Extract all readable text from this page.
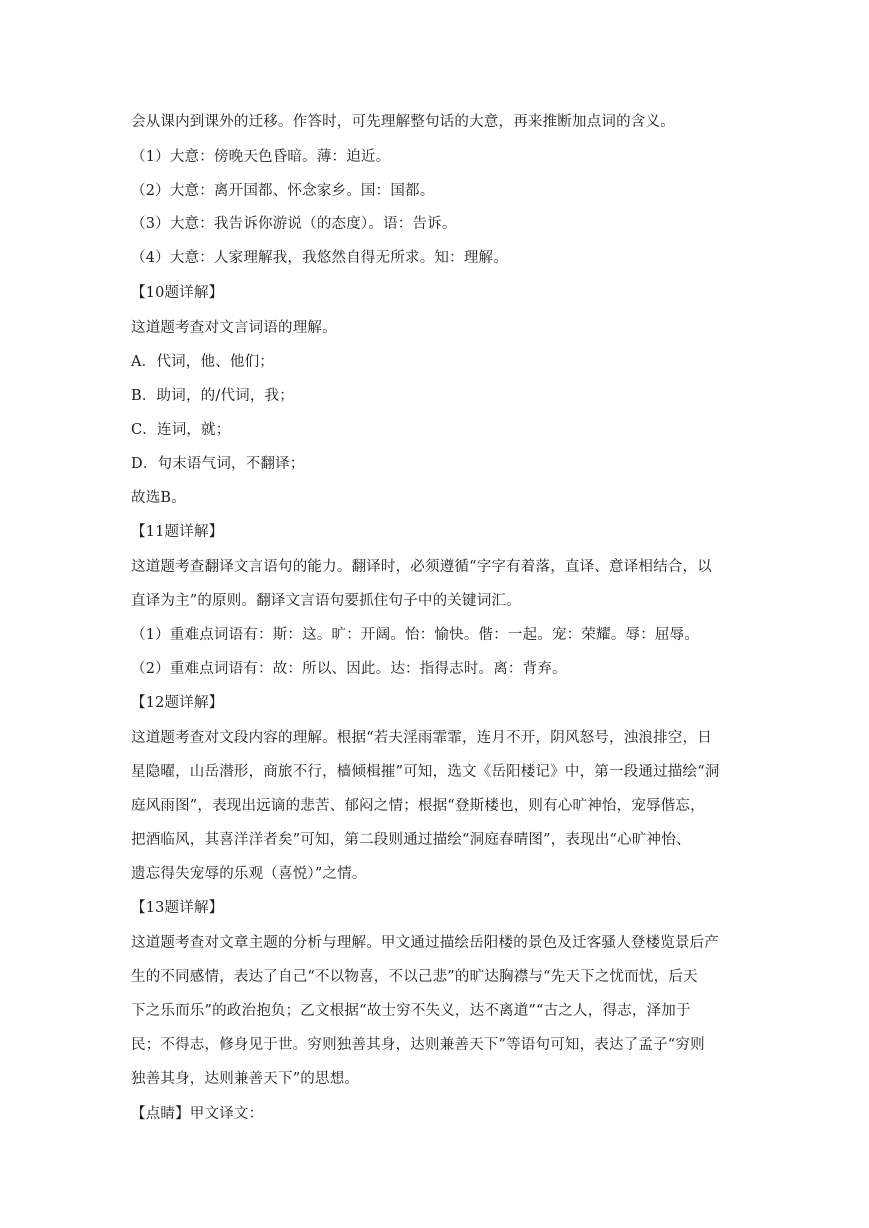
会从课内到课外的迁移。作答时，可先理解整句话的大意，再来推断加点词的含义。
（1）大意：傍晚天色昏暗。薄：迫近。
（2）大意：离开国都、怀念家乡。国：国都。
（3）大意：我告诉你游说（的态度）。语：告诉。
（4）大意：人家理解我，我悠然自得无所求。知：理解。
【10题详解】
这道题考查对文言词语的理解。
A．代词，他、他们；
B．助词，的/代词，我；
C．连词，就；
D．句末语气词，不翻译；
故选B。
【11题详解】
这道题考查翻译文言语句的能力。翻译时，必须遵循“字字有着落，直译、意译相结合，以
直译为主”的原则。翻译文言语句要抓住句子中的关键词汇。
（1）重难点词语有：斯：这。旷：开阔。怡：愉快。偕：一起。宠：荣耀。辱：屈辱。
（2）重难点词语有：故：所以、因此。达：指得志时。离：背弃。
【12题详解】
这道题考查对文段内容的理解。根据“若夫淫雨霏霏，连月不开，阴风怒号，浊浪排空，日
星隐曜，山岳潜形，商旅不行，樯倾楫摧”可知，选文《岳阳楼记》中，第一段通过描绘“洞
庭风雨图”，表现出远谪的悲苦、郁闷之情；根据“登斯楼也，则有心旷神怡，宠辱偕忘，
把酒临风，其喜洋洋者矣”可知，第二段则通过描绘“洞庭春晴图”，表现出“心旷神怡、
遗忘得失宠辱的乐观（喜悦）”之情。
【13题详解】
这道题考查对文章主题的分析与理解。甲文通过描绘岳阳楼的景色及迁客骚人登楼览景后产
生的不同感情，表达了自己“不以物喜，不以己悲”的旷达胸襟与“先天下之忧而忧，后天
下之乐而乐”的政治抱负；乙文根据“故士穷不失义，达不离道”“古之人，得志，泽加于
民；不得志，修身见于世。穷则独善其身，达则兼善天下”等语句可知，表达了孟子“穷则
独善其身，达则兼善天下”的思想。
【点睛】甲文译文：
